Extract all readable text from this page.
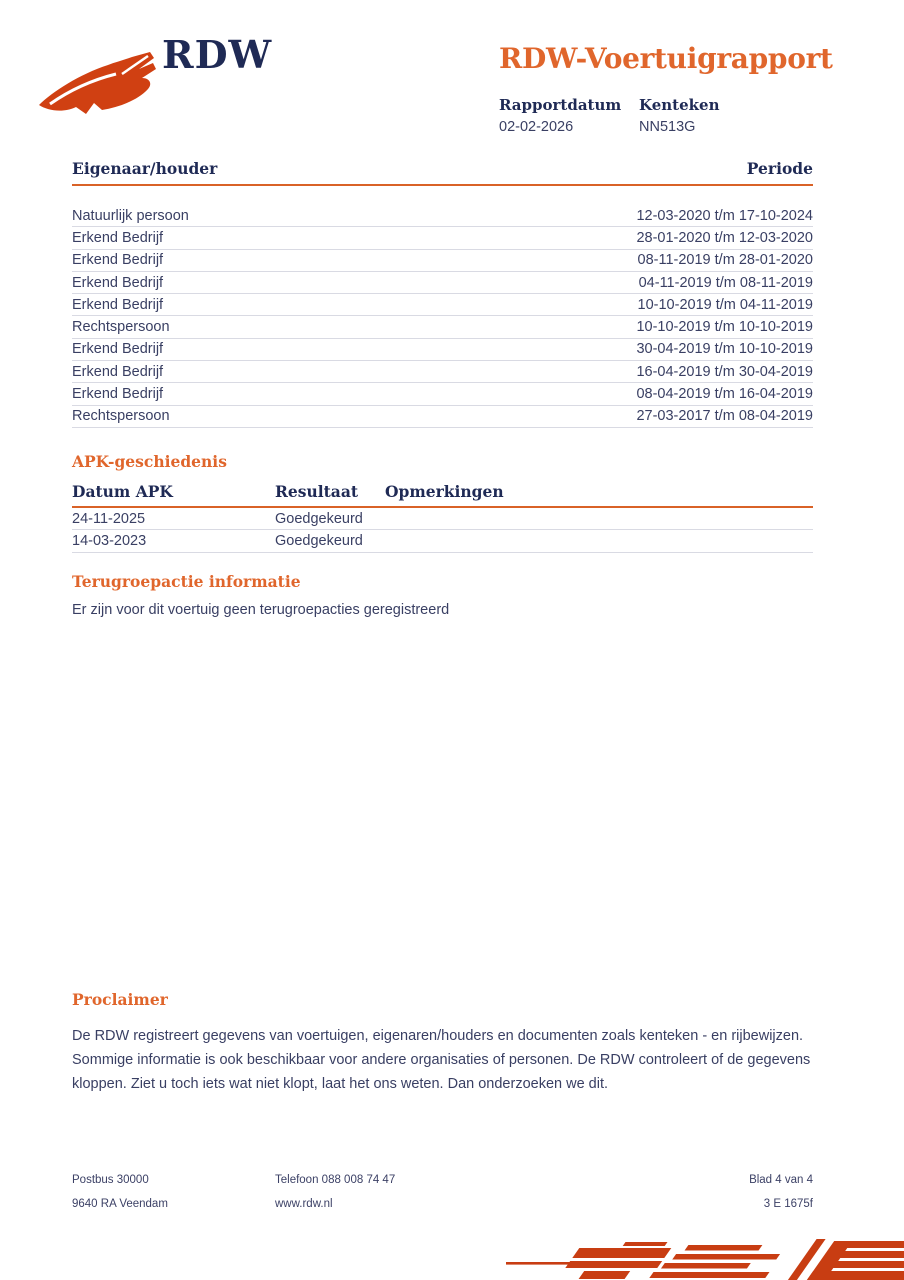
RDW	RDW-Voertuigrapport
Rapportdatum	Kenteken
02-02-2026	NN513G
Eigenaar/houder	Periode
Natuurlijk persoon	12-03-2020 t/m 17-10-2024
Erkend Bedrijf	28-01-2020 t/m 12-03-2020
Erkend Bedrijf	08-11-2019 t/m 28-01-2020
Erkend Bedrijf	04-11-2019 t/m 08-11-2019
Erkend Bedrijf	10-10-2019 t/m 04-11-2019
Rechtspersoon	10-10-2019 t/m 10-10-2019
Erkend Bedrijf	30-04-2019 t/m 10-10-2019
Erkend Bedrijf	16-04-2019 t/m 30-04-2019
Erkend Bedrijf	08-04-2019 t/m 16-04-2019
Rechtspersoon	27-03-2017 t/m 08-04-2019
APK-geschiedenis
Datum APK	Resultaat	Opmerkingen
24-11-2025	Goedgekeurd
14-03-2023	Goedgekeurd
Terugroepactie informatie
Er zijn voor dit voertuig geen terugroepacties geregistreerd
Proclaimer
De RDW registreert gegevens van voertuigen, eigenaren/houders en documenten zoals kenteken - en rijbewijzen. Sommige informatie is ook beschikbaar voor andere organisaties of personen. De RDW controleert of de gegevens kloppen. Ziet u toch iets wat niet klopt, laat het ons weten. Dan onderzoeken we dit.
Postbus 30000
9640 RA Veendam
Telefoon 088 008 74 47
www.rdw.nl
Blad 4 van 4
3 E 1675f
